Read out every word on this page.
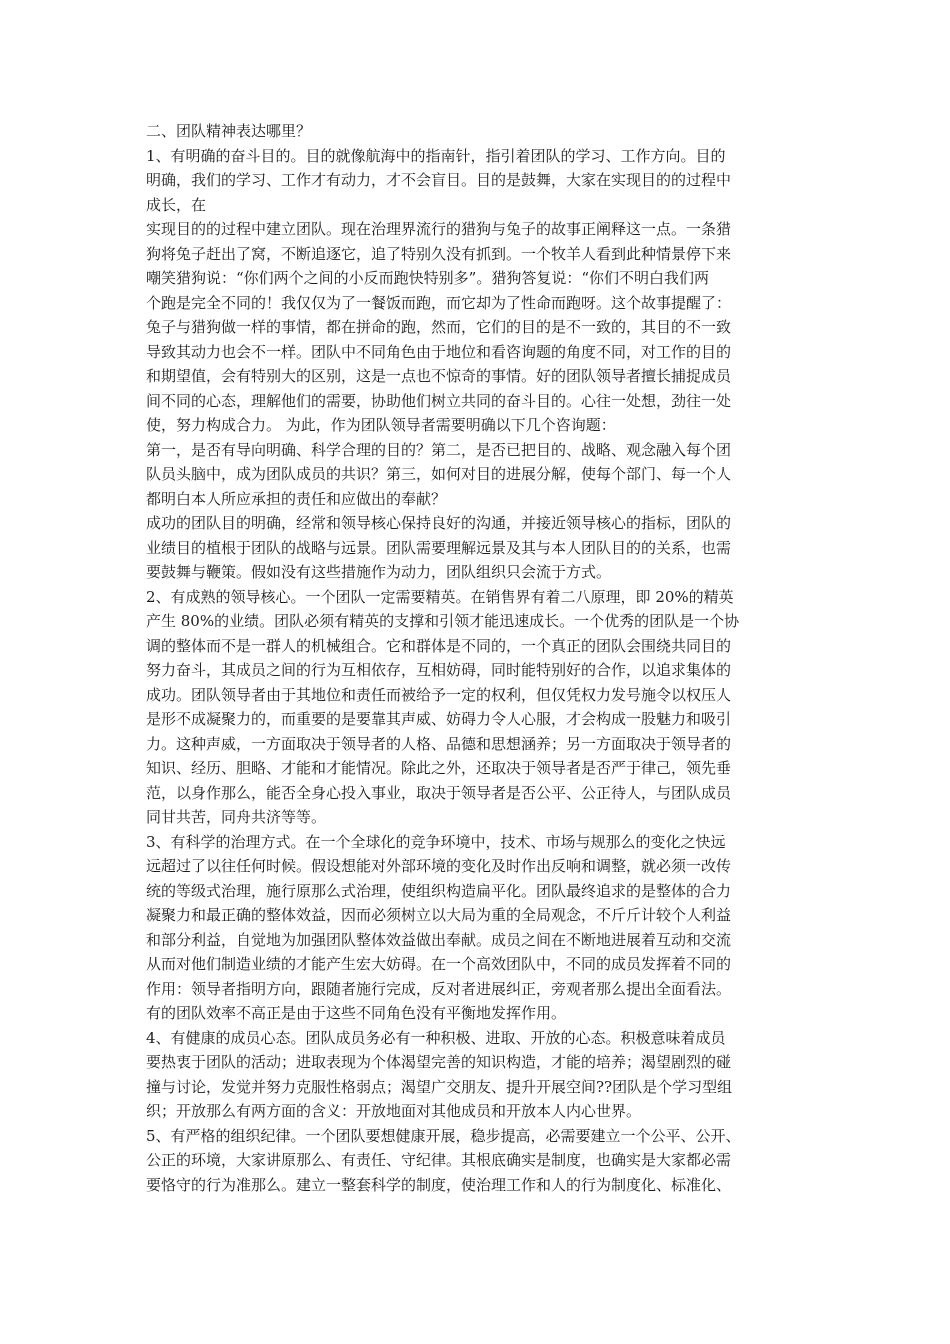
二、团队精神表达哪里？
1、有明确的奋斗目的。目的就像航海中的指南针，指引着团队的学习、工作方向。目的
明确，我们的学习、工作才有动力，才不会盲目。目的是鼓舞，大家在实现目的的过程中
成长，在
实现目的的过程中建立团队。现在治理界流行的猎狗与兔子的故事正阐释这一点。一条猎
狗将兔子赶出了窝，不断追逐它，追了特别久没有抓到。一个牧羊人看到此种情景停下来
嘲笑猎狗说：“你们两个之间的小反而跑快特别多”。猎狗答复说：“你们不明白我们两
个跑是完全不同的！我仅仅为了一餐饭而跑，而它却为了性命而跑呀。这个故事提醒了：
兔子与猎狗做一样的事情，都在拼命的跑，然而，它们的目的是不一致的，其目的不一致
导致其动力也会不一样。团队中不同角色由于地位和看咨询题的角度不同，对工作的目的
和期望值，会有特别大的区别，这是一点也不惊奇的事情。好的团队领导者擅长捕捉成员
间不同的心态，理解他们的需要，协助他们树立共同的奋斗目的。心往一处想，劲往一处
使，努力构成合力。 为此，作为团队领导者需要明确以下几个咨询题：
第一，是否有导向明确、科学合理的目的？第二，是否已把目的、战略、观念融入每个团
队员头脑中，成为团队成员的共识？第三，如何对目的进展分解，使每个部门、每一个人
都明白本人所应承担的责任和应做出的奉献？
成功的团队目的明确，经常和领导核心保持良好的沟通，并接近领导核心的指标，团队的
业绩目的植根于团队的战略与远景。团队需要理解远景及其与本人团队目的的关系，也需
要鼓舞与鞭策。假如没有这些措施作为动力，团队组织只会流于方式。
2、有成熟的领导核心。一个团队一定需要精英。在销售界有着二八原理，即 20%的精英
产生 80%的业绩。团队必须有精英的支撑和引领才能迅速成长。一个优秀的团队是一个协
调的整体而不是一群人的机械组合。它和群体是不同的，一个真正的团队会围绕共同目的
努力奋斗，其成员之间的行为互相依存，互相妨碍，同时能特别好的合作，以追求集体的
成功。团队领导者由于其地位和责任而被给予一定的权利，但仅凭权力发号施令以权压人
是形不成凝聚力的，而重要的是要靠其声威、妨碍力令人心服，才会构成一股魅力和吸引
力。这种声威，一方面取决于领导者的人格、品德和思想涵养；另一方面取决于领导者的
知识、经历、胆略、才能和才能情况。除此之外，还取决于领导者是否严于律己，领先垂
范，以身作那么，能否全身心投入事业，取决于领导者是否公平、公正待人，与团队成员
同甘共苦，同舟共济等等。
3、有科学的治理方式。在一个全球化的竞争环境中，技术、市场与规那么的变化之快远
远超过了以往任何时候。假设想能对外部环境的变化及时作出反响和调整，就必须一改传
统的等级式治理，施行原那么式治理，使组织构造扁平化。团队最终追求的是整体的合力
凝聚力和最正确的整体效益，因而必须树立以大局为重的全局观念，不斤斤计较个人利益
和部分利益，自觉地为加强团队整体效益做出奉献。成员之间在不断地进展着互动和交流
从而对他们制造业绩的才能产生宏大妨碍。在一个高效团队中，不同的成员发挥着不同的
作用：领导者指明方向，跟随者施行完成，反对者进展纠正，旁观者那么提出全面看法。
有的团队效率不高正是由于这些不同角色没有平衡地发挥作用。
4、有健康的成员心态。团队成员务必有一种积极、进取、开放的心态。积极意味着成员
要热衷于团队的活动；进取表现为个体渴望完善的知识构造，才能的培养；渴望剧烈的碰
撞与讨论，发觉并努力克服性格弱点；渴望广交朋友、提升开展空间??团队是个学习型组
织；开放那么有两方面的含义：开放地面对其他成员和开放本人内心世界。
5、有严格的组织纪律。一个团队要想健康开展，稳步提高，必需要建立一个公平、公开、
公正的环境，大家讲原那么、有责任、守纪律。其根底确实是制度，也确实是大家都必需
要恪守的行为准那么。建立一整套科学的制度，使治理工作和人的行为制度化、标准化、
